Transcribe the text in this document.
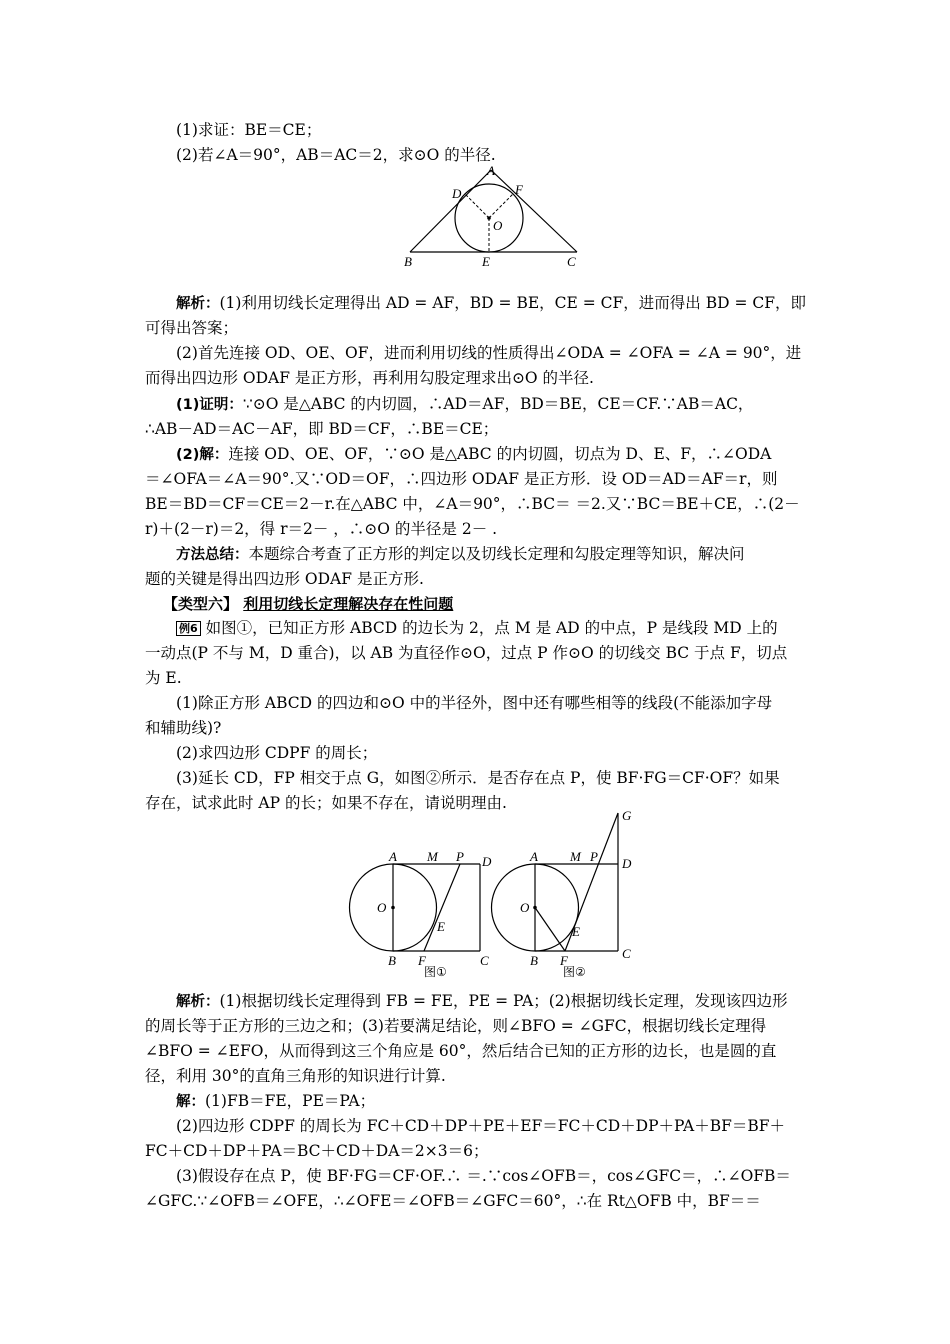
(1)求证：BE＝CE；
(2)若∠A＝90°，AB＝AC＝2，求⊙O 的半径.
A
D	F
O
B	E	C
解析：(1)利用切线长定理得出 AD = AF，BD = BE，CE = CF，进而得出 BD = CF，即
可得出答案；
(2)首先连接 OD、OE、OF，进而利用切线的性质得出∠ODA = ∠OFA = ∠A = 90°，进
而得出四边形 ODAF 是正方形，再利用勾股定理求出⊙O 的半径.
(1)证明：∵⊙O 是△ABC 的内切圆，∴AD＝AF，BD＝BE，CE＝CF.∵AB＝AC，
∴AB－AD＝AC－AF，即 BD＝CF，∴BE＝CE；
(2)解：连接 OD、OE、OF，∵⊙O 是△ABC 的内切圆，切点为 D、E、F，∴∠ODA
＝∠OFA＝∠A＝90°.又∵OD＝OF，∴四边形 ODAF 是正方形．设 OD＝AD＝AF＝r，则
BE＝BD＝CF＝CE＝2－r.在△ABC 中，∠A＝90°，∴BC＝ ＝2.又∵BC＝BE＋CE，∴(2－
r)＋(2－r)＝2，得 r＝2－ ，∴⊙O 的半径是 2－ .
方法总结：本题综合考查了正方形的判定以及切线长定理和勾股定理等知识，解决问
题的关键是得出四边形 ODAF 是正方形.
【类型六】 利用切线长定理解决存在性问题
例6 如图①，已知正方形 ABCD 的边长为 2，点 M 是 AD 的中点，P 是线段 MD 上的
一动点(P 不与 M，D 重合)，以 AB 为直径作⊙O，过点 P 作⊙O 的切线交 BC 于点 F，切点
为 E.
(1)除正方形 ABCD 的四边和⊙O 中的半径外，图中还有哪些相等的线段(不能添加字母
和辅助线)?
(2)求四边形 CDPF 的周长；
(3)延长 CD，FP 相交于点 G，如图②所示．是否存在点 P，使 BF·FG＝CF·OF？如果
存在，试求此时 AP 的长；如果不存在，请说明理由.
A M P D
O
E
B F	C
图①
G
A M P D
O
E
B F	C
图②
解析：(1)根据切线长定理得到 FB = FE，PE = PA；(2)根据切线长定理，发现该四边形
的周长等于正方形的三边之和；(3)若要满足结论，则∠BFO = ∠GFC，根据切线长定理得
∠BFO = ∠EFO，从而得到这三个角应是 60°，然后结合已知的正方形的边长，也是圆的直
径，利用 30°的直角三角形的知识进行计算.
解：(1)FB＝FE，PE＝PA；
(2)四边形 CDPF 的周长为 FC＋CD＋DP＋PE＋EF＝FC＋CD＋DP＋PA＋BF＝BF＋
FC＋CD＋DP＋PA＝BC＋CD＋DA＝2×3＝6；
(3)假设存在点 P，使 BF·FG＝CF·OF.∴ ＝.∵cos∠OFB＝，cos∠GFC＝，∴∠OFB＝
∠GFC.∵∠OFB＝∠OFE，∴∠OFE＝∠OFB＝∠GFC＝60°，∴在 Rt△OFB 中，BF＝＝
